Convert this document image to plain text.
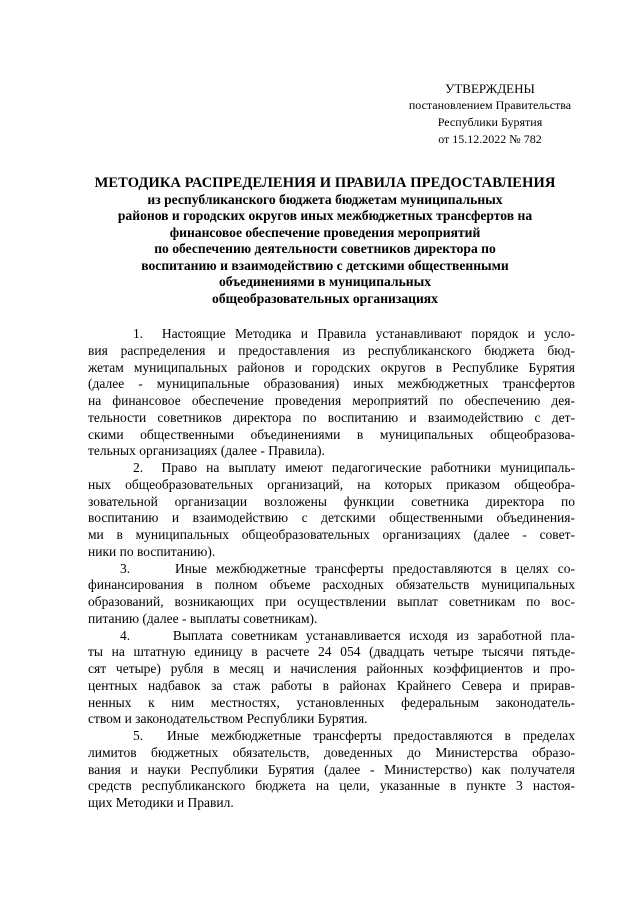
УТВЕРЖДЕНЫ
постановлением Правительства
Республики Бурятия
от 15.12.2022 № 782
МЕТОДИКА РАСПРЕДЕЛЕНИЯ И ПРАВИЛА ПРЕДОСТАВЛЕНИЯ
из республиканского бюджета бюджетам муниципальных
районов и городских округов иных межбюджетных трансфертов на
финансовое обеспечение проведения мероприятий
по обеспечению деятельности советников директора по
воспитанию и взаимодействию с детскими общественными
объединениями в муниципальных
общеобразовательных организациях

1. Настоящие Методика и Правила устанавливают порядок и усло-
вия распределения и предоставления из республиканского бюджета бюд-
жетам муниципальных районов и городских округов в Республике Бурятия
(далее - муниципальные образования) иных межбюджетных трансфертов
на финансовое обеспечение проведения мероприятий по обеспечению дея-
тельности советников директора по воспитанию и взаимодействию с дет-
скими общественными объединениями в муниципальных общеобразова-
тельных организациях (далее - Правила).

2. Право на выплату имеют педагогические работники муниципаль-
ных общеобразовательных организаций, на которых приказом общеобра-
зовательной организации возложены функции советника директора по
воспитанию и взаимодействию с детскими общественными объединения-
ми в муниципальных общеобразовательных организациях (далее - совет-
ники по воспитанию).

3.	Иные межбюджетные трансферты предоставляются в целях со-
финансирования в полном объеме расходных обязательств муниципальных
образований, возникающих при осуществлении выплат советникам по вос-
питанию (далее - выплаты советникам).

4.	Выплата советникам устанавливается исходя из заработной пла-
ты на штатную единицу в расчете 24 054 (двадцать четыре тысячи пятьде-
сят четыре) рубля в месяц и начисления районных коэффициентов и про-
центных надбавок за стаж работы в районах Крайнего Севера и прирав-
ненных к ним местностях, установленных федеральным законодатель-
ством и законодательством Республики Бурятия.

5. Иные межбюджетные трансферты предоставляются в пределах
лимитов бюджетных обязательств, доведенных до Министерства образо-
вания и науки Республики Бурятия (далее - Министерство) как получателя
средств республиканского бюджета на цели, указанные в пункте 3 настоя-
щих Методики и Правил.
